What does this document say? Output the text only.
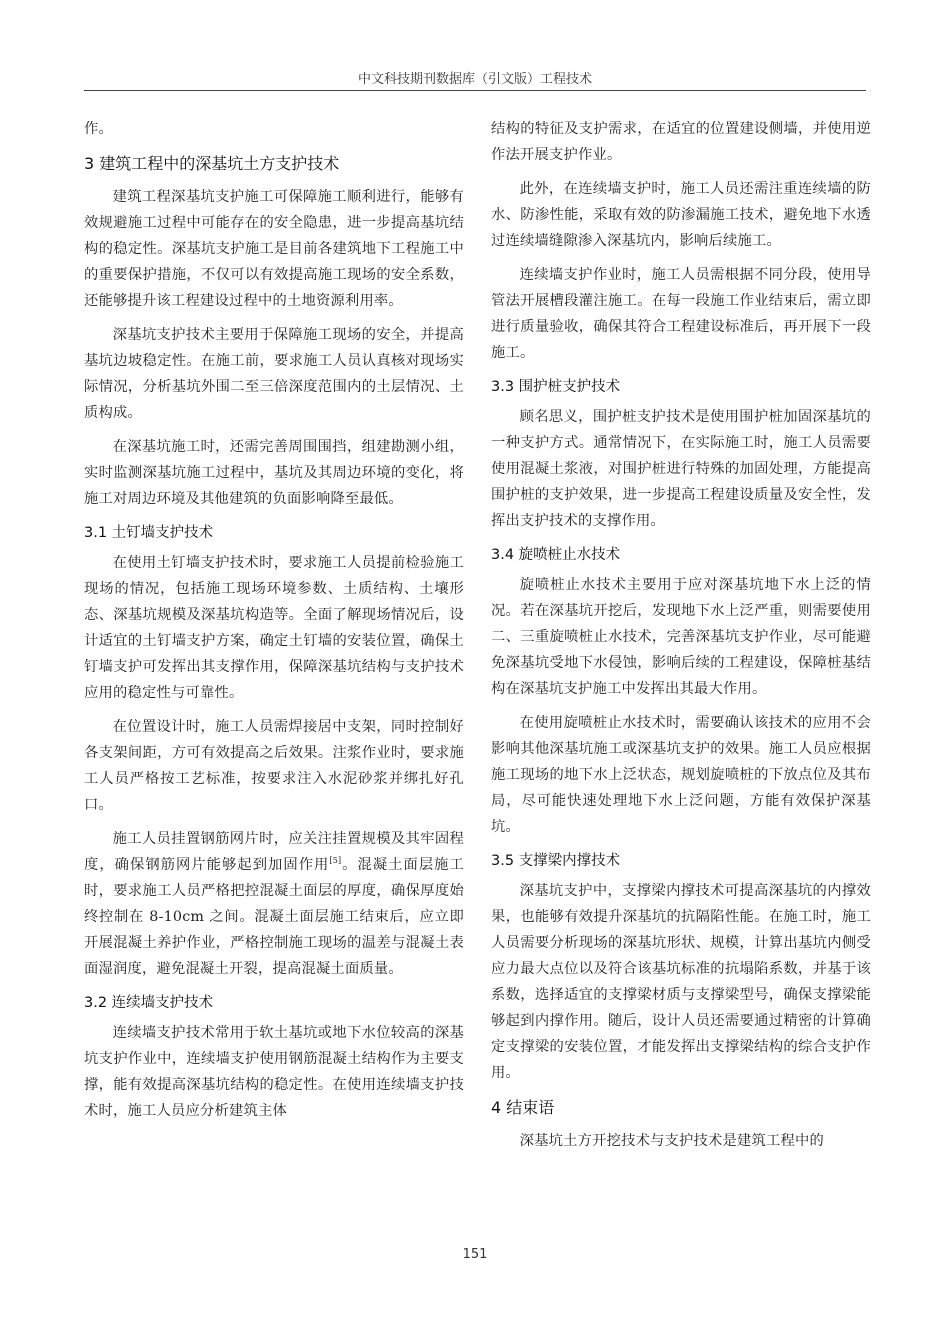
中文科技期刊数据库（引文版）工程技术

作。

3 建筑工程中的深基坑土方支护技术

建筑工程深基坑支护施工可保障施工顺利进行，能够有效规避施工过程中可能存在的安全隐患，进一步提高基坑结构的稳定性。深基坑支护施工是目前各建筑地下工程施工中的重要保护措施，不仅可以有效提高施工现场的安全系数，还能够提升该工程建设过程中的土地资源利用率。

深基坑支护技术主要用于保障施工现场的安全，并提高基坑边坡稳定性。在施工前，要求施工人员认真核对现场实际情况，分析基坑外围二至三倍深度范围内的土层情况、土质构成。

在深基坑施工时，还需完善周围围挡，组建勘测小组，实时监测深基坑施工过程中，基坑及其周边环境的变化，将施工对周边环境及其他建筑的负面影响降至最低。

3.1 土钉墙支护技术

在使用土钉墙支护技术时，要求施工人员提前检验施工现场的情况，包括施工现场环境参数、土质结构、土壤形态、深基坑规模及深基坑构造等。全面了解现场情况后，设计适宜的土钉墙支护方案，确定土钉墙的安装位置，确保土钉墙支护可发挥出其支撑作用，保障深基坑结构与支护技术应用的稳定性与可靠性。

在位置设计时，施工人员需焊接居中支架，同时控制好各支架间距，方可有效提高之后效果。注浆作业时，要求施工人员严格按工艺标准，按要求注入水泥砂浆并绑扎好孔口。

施工人员挂置钢筋网片时，应关注挂置规模及其牢固程度，确保钢筋网片能够起到加固作用[5]。混凝土面层施工时，要求施工人员严格把控混凝土面层的厚度，确保厚度始终控制在 8-10cm 之间。混凝土面层施工结束后，应立即开展混凝土养护作业，严格控制施工现场的温差与混凝土表面湿润度，避免混凝土开裂，提高混凝土面质量。

3.2 连续墙支护技术

连续墙支护技术常用于软土基坑或地下水位较高的深基坑支护作业中，连续墙支护使用钢筋混凝土结构作为主要支撑，能有效提高深基坑结构的稳定性。在使用连续墙支护技术时，施工人员应分析建筑主体

结构的特征及支护需求，在适宜的位置建设侧墙，并使用逆作法开展支护作业。

此外，在连续墙支护时，施工人员还需注重连续墙的防水、防渗性能，采取有效的防渗漏施工技术，避免地下水透过连续墙缝隙渗入深基坑内，影响后续施工。

连续墙支护作业时，施工人员需根据不同分段，使用导管法开展槽段灌注施工。在每一段施工作业结束后，需立即进行质量验收，确保其符合工程建设标准后，再开展下一段施工。

3.3 围护桩支护技术

顾名思义，围护桩支护技术是使用围护桩加固深基坑的一种支护方式。通常情况下，在实际施工时，施工人员需要使用混凝土浆液，对围护桩进行特殊的加固处理，方能提高围护桩的支护效果，进一步提高工程建设质量及安全性，发挥出支护技术的支撑作用。

3.4 旋喷桩止水技术

旋喷桩止水技术主要用于应对深基坑地下水上泛的情况。若在深基坑开挖后，发现地下水上泛严重，则需要使用二、三重旋喷桩止水技术，完善深基坑支护作业，尽可能避免深基坑受地下水侵蚀，影响后续的工程建设，保障桩基结构在深基坑支护施工中发挥出其最大作用。

在使用旋喷桩止水技术时，需要确认该技术的应用不会影响其他深基坑施工或深基坑支护的效果。施工人员应根据施工现场的地下水上泛状态，规划旋喷桩的下放点位及其布局，尽可能快速处理地下水上泛问题，方能有效保护深基坑。

3.5 支撑梁内撑技术

深基坑支护中，支撑梁内撑技术可提高深基坑的内撑效果，也能够有效提升深基坑的抗隔陷性能。在施工时，施工人员需要分析现场的深基坑形状、规模，计算出基坑内侧受应力最大点位以及符合该基坑标准的抗塌陷系数，并基于该系数，选择适宜的支撑梁材质与支撑梁型号，确保支撑梁能够起到内撑作用。随后，设计人员还需要通过精密的计算确定支撑梁的安装位置，才能发挥出支撑梁结构的综合支护作用。

4 结束语

深基坑土方开挖技术与支护技术是建筑工程中的

151
